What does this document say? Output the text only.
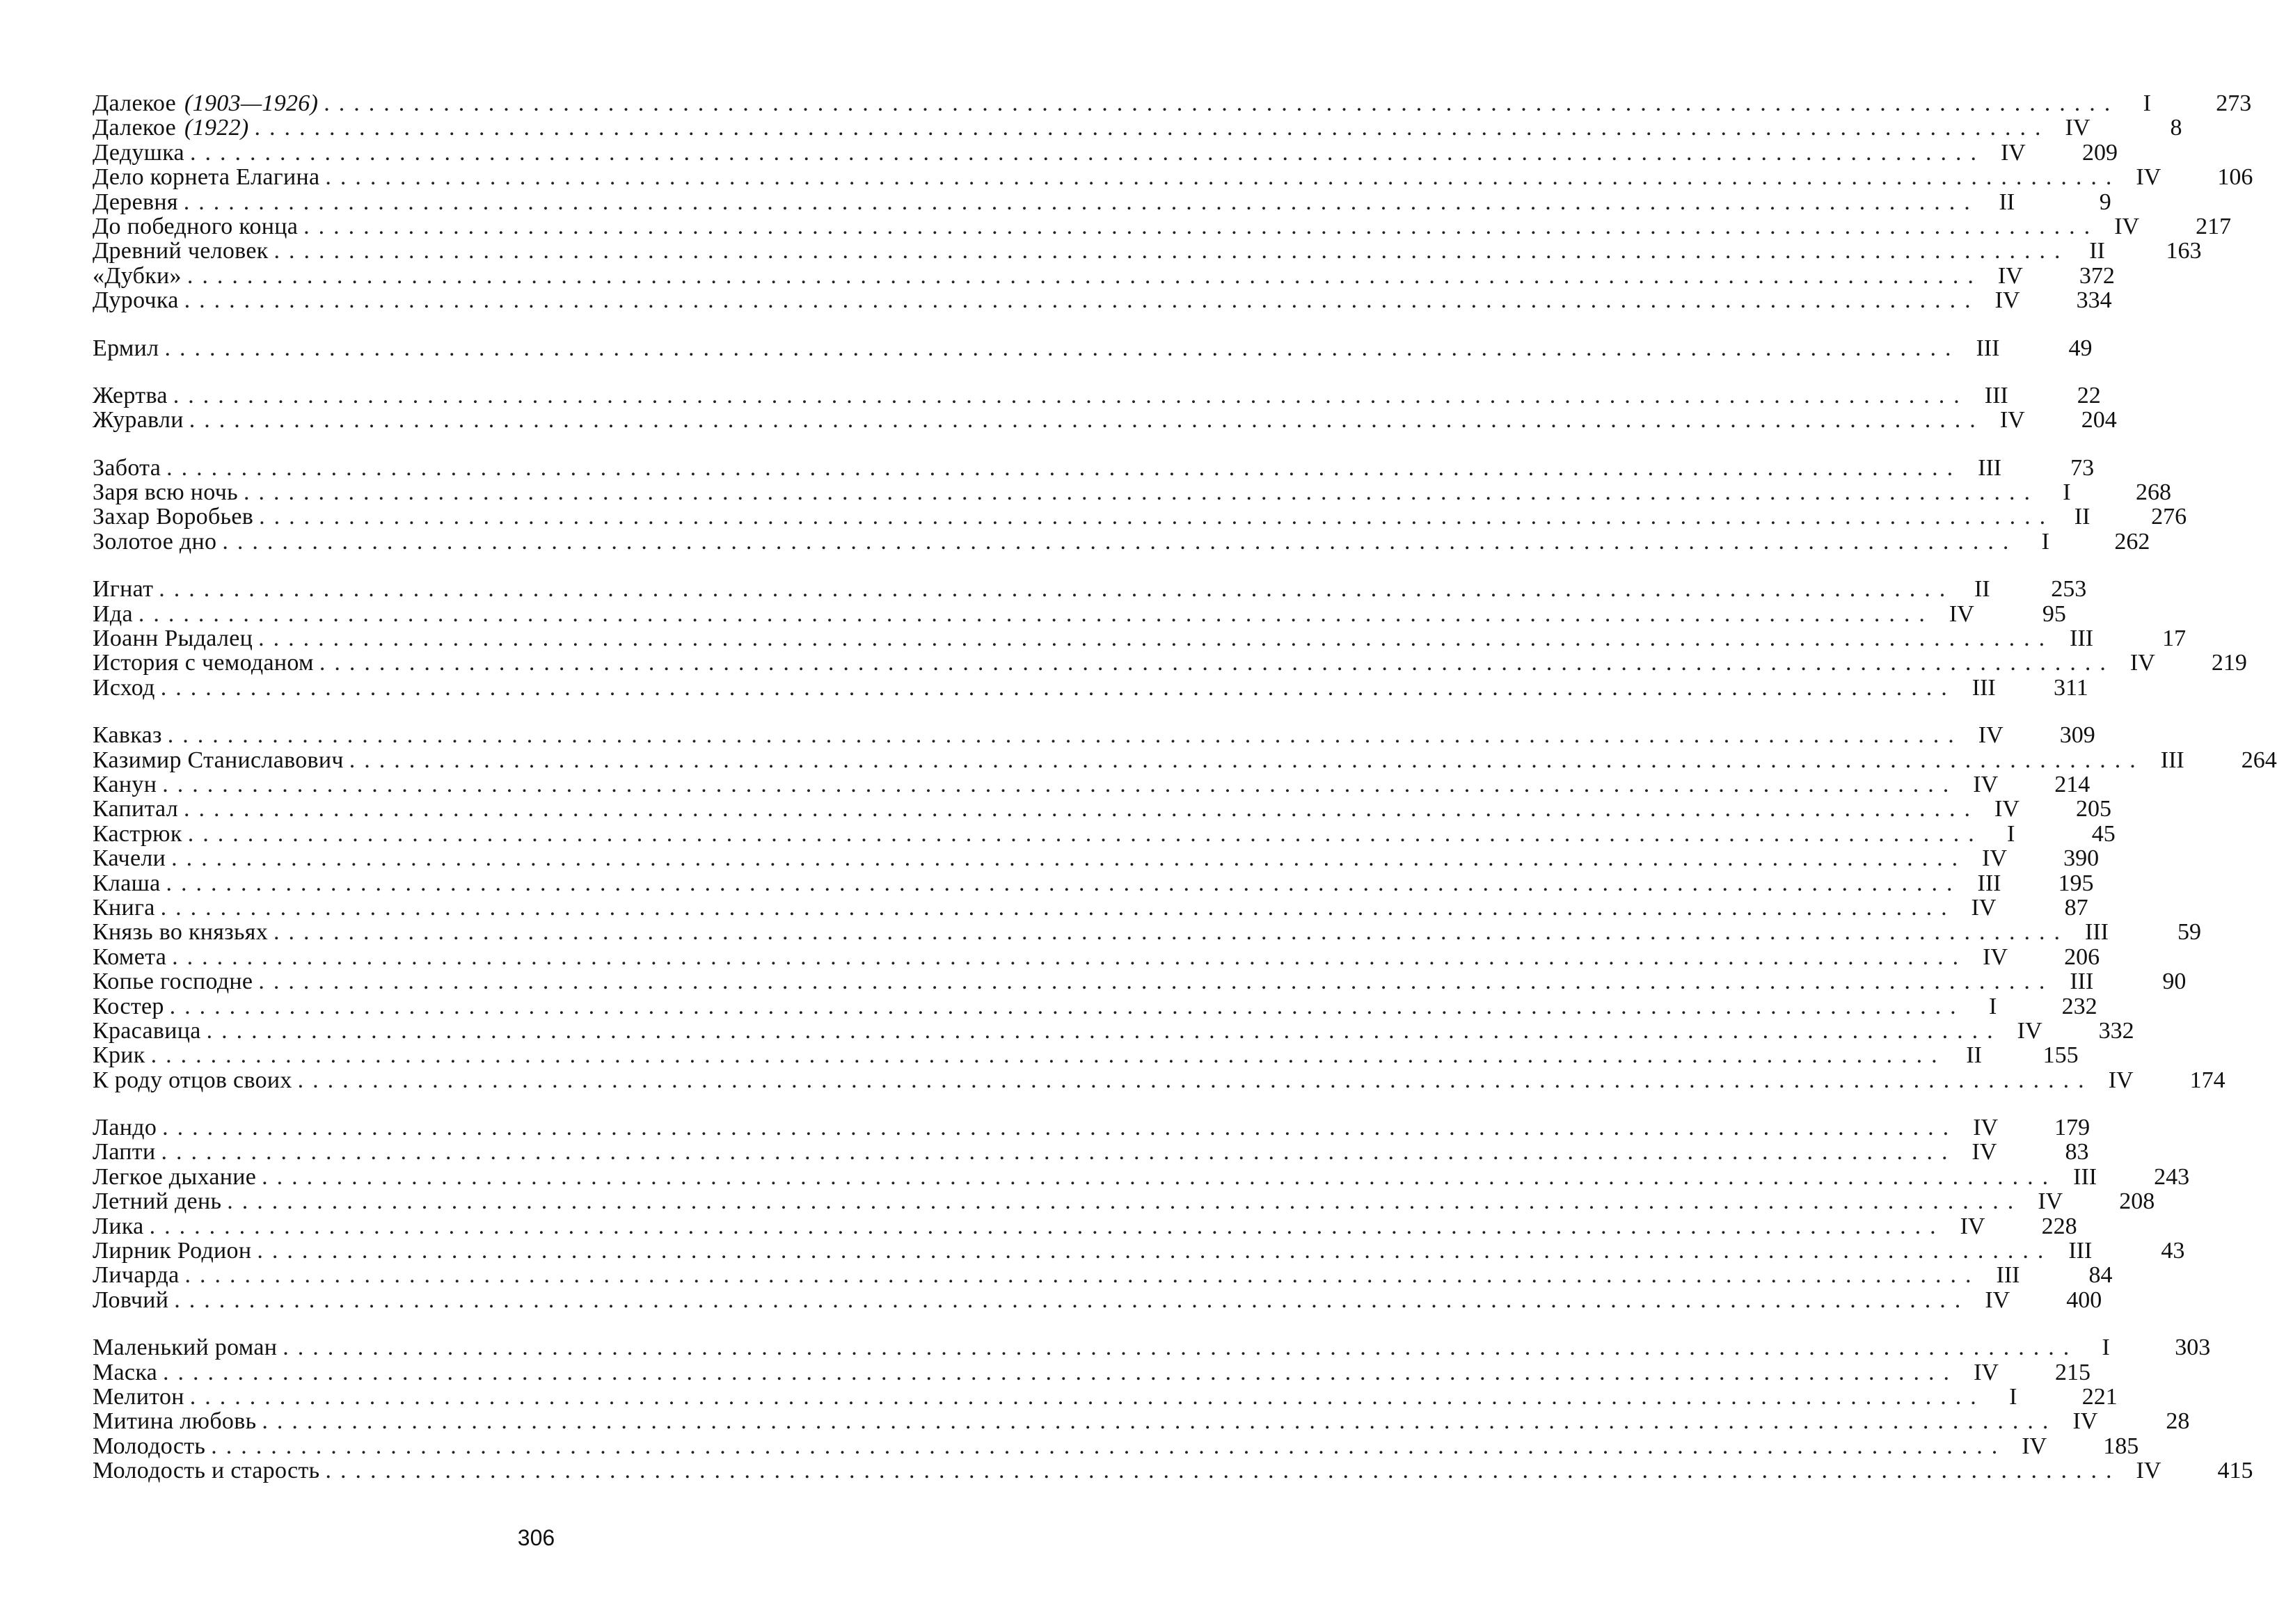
Далекое (1903—1926) ........................................................................................................................	I	273
Далекое (1922) ........................................................................................................................ IV	8
Дедушка ........................................................................................................................ IV	209
Дело корнета Елагина ........................................................................................................................ IV	106
Деревня ........................................................................................................................ II	9
До победного конца ........................................................................................................................ IV	217
Древний человек ........................................................................................................................ II	163
«Дубки» ........................................................................................................................ IV	372
Дурочка ........................................................................................................................ IV	334
Ермил ........................................................................................................................ III	49
Жертва ........................................................................................................................ III	22
Журавли ........................................................................................................................ IV	204
Забота ........................................................................................................................ III	73
Заря всю ночь ........................................................................................................................	I	268
Захар Воробьев ........................................................................................................................ II	276
Золотое дно ........................................................................................................................	I	262
Игнат ........................................................................................................................ II	253
Ида ........................................................................................................................ IV	95
Иоанн Рыдалец ........................................................................................................................ III	17
История с чемоданом ........................................................................................................................ IV	219
Исход ........................................................................................................................ III	311
Кавказ ........................................................................................................................ IV	309
Казимир Станиславович ........................................................................................................................ III	264
Канун ........................................................................................................................ IV	214
Капитал ........................................................................................................................ IV	205
Кастрюк ........................................................................................................................	I	45
Качели ........................................................................................................................ IV	390
Клаша ........................................................................................................................ III	195
Книга ........................................................................................................................ IV	87
Князь во князьях ........................................................................................................................ III	59
Комета ........................................................................................................................ IV	206
Копье господне ........................................................................................................................ III	90
Костер ........................................................................................................................	I	232
Красавица ........................................................................................................................ IV	332
Крик ........................................................................................................................ II	155
К роду отцов своих ........................................................................................................................ IV	174
Ландо ........................................................................................................................ IV	179
Лапти ........................................................................................................................ IV	83
Легкое дыхание ........................................................................................................................ III	243
Летний день ........................................................................................................................ IV	208
Лика ........................................................................................................................ IV	228
Лирник Родион ........................................................................................................................ III	43
Личарда ........................................................................................................................ III	84
Ловчий ........................................................................................................................ IV	400
Маленький роман ........................................................................................................................	I	303
Маска ........................................................................................................................ IV	215
Мелитон ........................................................................................................................	I	221
Митина любовь ........................................................................................................................ IV	28
Молодость ........................................................................................................................ IV	185
Молодость и старость ........................................................................................................................ IV	415
306
